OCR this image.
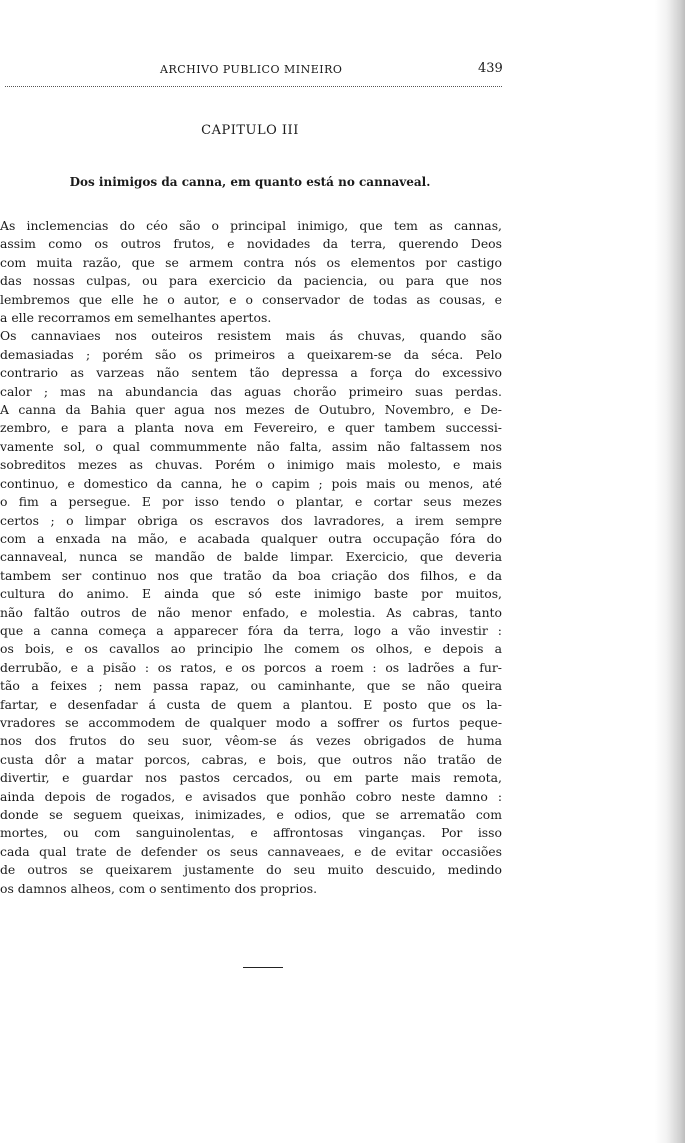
ARCHIVO PUBLICO MINEIRO	439
CAPITULO III
Dos inimigos da canna, em quanto está no cannaveal.
As inclemencias do céo são o principal inimigo, que tem as cannas,
assim como os outros frutos, e novidades da terra, querendo Deos
com muita razão, que se armem contra nós os elementos por castigo
das nossas culpas, ou para exercicio da paciencia, ou para que nos
lembremos que elle he o autor, e o conservador de todas as cousas, e
a elle recorramos em semelhantes apertos.
Os cannaviaes nos outeiros resistem mais ás chuvas, quando são
demasiadas ; porém são os primeiros a queixarem-se da séca. Pelo
contrario as varzeas não sentem tão depressa a força do excessivo
calor ; mas na abundancia das aguas chorão primeiro suas perdas.
A canna da Bahia quer agua nos mezes de Outubro, Novembro, e De-
zembro, e para a planta nova em Fevereiro, e quer tambem successi-
vamente sol, o qual commummente não falta, assim não faltassem nos
sobreditos mezes as chuvas. Porém o inimigo mais molesto, e mais
continuo, e domestico da canna, he o capim ; pois mais ou menos, até
o fim a persegue. E por isso tendo o plantar, e cortar seus mezes
certos ; o limpar obriga os escravos dos lavradores, a irem sempre
com a enxada na mão, e acabada qualquer outra occupação fóra do
cannaveal, nunca se mandão de balde limpar. Exercicio, que deveria
tambem ser continuo nos que tratão da boa criação dos filhos, e da
cultura do animo. E ainda que só este inimigo baste por muitos,
não faltão outros de não menor enfado, e molestia. As cabras, tanto
que a canna começa a apparecer fóra da terra, logo a vão investir :
os bois, e os cavallos ao principio lhe comem os olhos, e depois a
derrubão, e a pisão : os ratos, e os porcos a roem : os ladrões a fur-
tão a feixes ; nem passa rapaz, ou caminhante, que se não queira
fartar, e desenfadar á custa de quem a plantou. E posto que os la-
vradores se accommodem de qualquer modo a soffrer os furtos peque-
nos dos frutos do seu suor, vêom-se ás vezes obrigados de huma
custa dôr a matar porcos, cabras, e bois, que outros não tratão de
divertir, e guardar nos pastos cercados, ou em parte mais remota,
ainda depois de rogados, e avisados que ponhão cobro neste damno :
donde se seguem queixas, inimizades, e odios, que se arrematão com
mortes, ou com sanguinolentas, e affrontosas vinganças. Por isso
cada qual trate de defender os seus cannaveaes, e de evitar occasiões
de outros se queixarem justamente do seu muito descuido, medindo
os damnos alheos, com o sentimento dos proprios.
